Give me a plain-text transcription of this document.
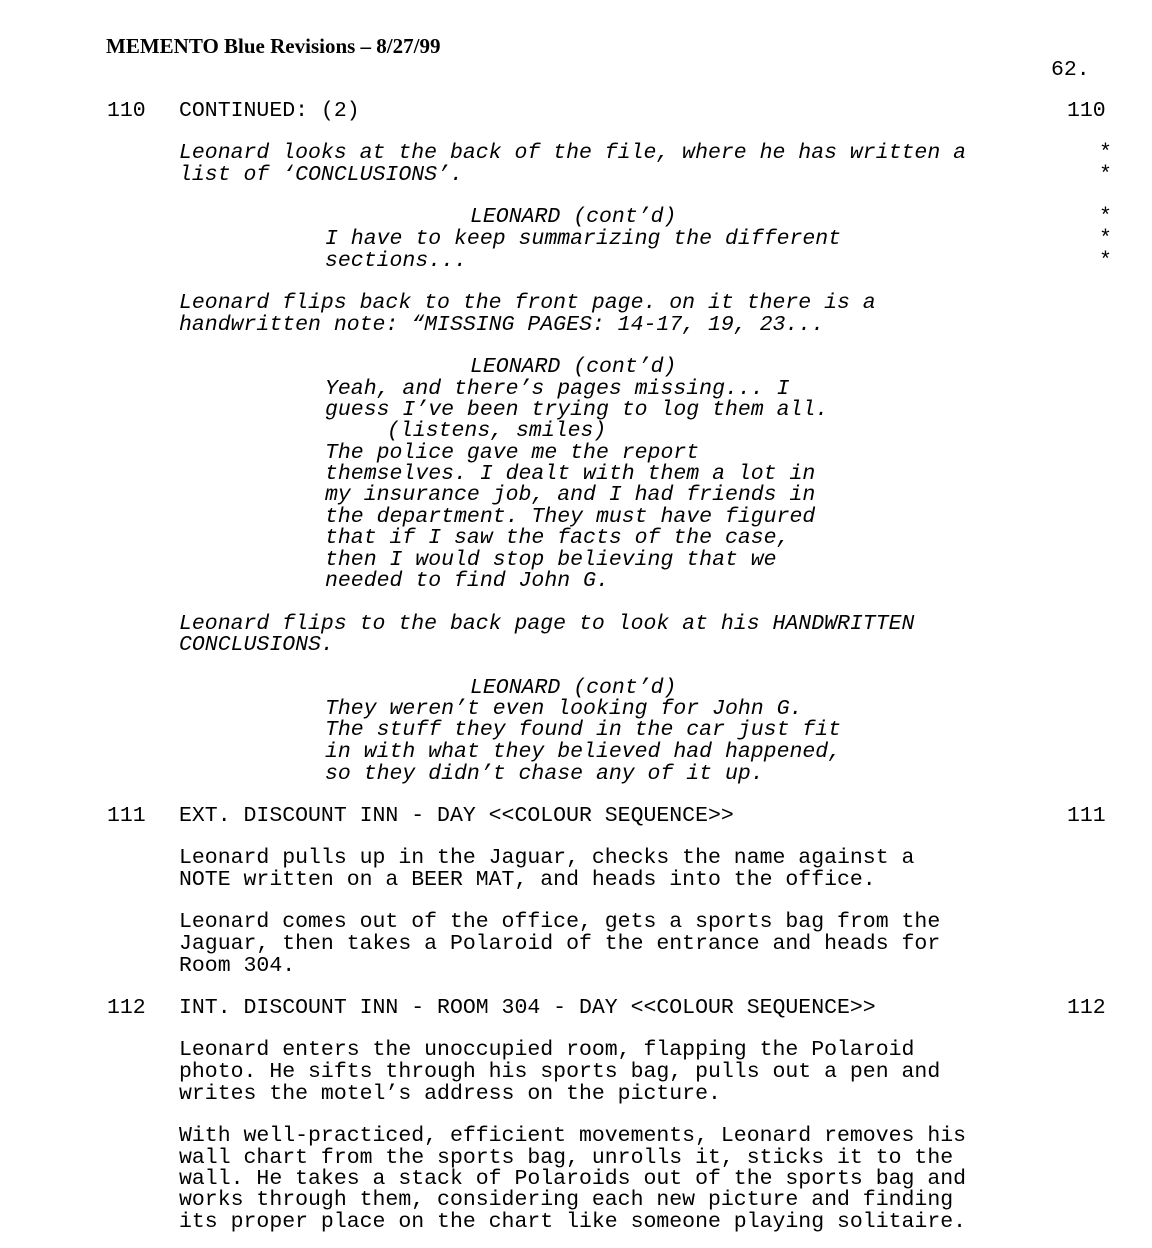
MEMENTO Blue Revisions – 8/27/99
62.
110 CONTINUED: (2)	110
Leonard looks at the back of the file, where he has written a
list of ‘CONCLUSIONS’.
LEONARD (cont’d)
I have to keep summarizing the different
sections...
*
*
*
*
*
Leonard flips back to the front page. on it there is a
handwritten note: “MISSING PAGES: 14-17, 19, 23...
LEONARD (cont’d)
Yeah, and there’s pages missing... I
guess I’ve been trying to log them all.
(listens, smiles)
The police gave me the report
themselves. I dealt with them a lot in
my insurance job, and I had friends in
the department. They must have figured
that if I saw the facts of the case,
then I would stop believing that we
needed to find John G.
Leonard flips to the back page to look at his HANDWRITTEN
CONCLUSIONS.
LEONARD (cont’d)
They weren’t even looking for John G.
The stuff they found in the car just fit
in with what they believed had happened,
so they didn’t chase any of it up.
111 EXT. DISCOUNT INN - DAY <<COLOUR SEQUENCE>>	111
Leonard pulls up in the Jaguar, checks the name against a
NOTE written on a BEER MAT, and heads into the office.
Leonard comes out of the office, gets a sports bag from the
Jaguar, then takes a Polaroid of the entrance and heads for
Room 304.
112 INT. DISCOUNT INN - ROOM 304 - DAY <<COLOUR SEQUENCE>>	112
Leonard enters the unoccupied room, flapping the Polaroid
photo. He sifts through his sports bag, pulls out a pen and
writes the motel’s address on the picture.
With well-practiced, efficient movements, Leonard removes his
wall chart from the sports bag, unrolls it, sticks it to the
wall. He takes a stack of Polaroids out of the sports bag and
works through them, considering each new picture and finding
its proper place on the chart like someone playing solitaire.
